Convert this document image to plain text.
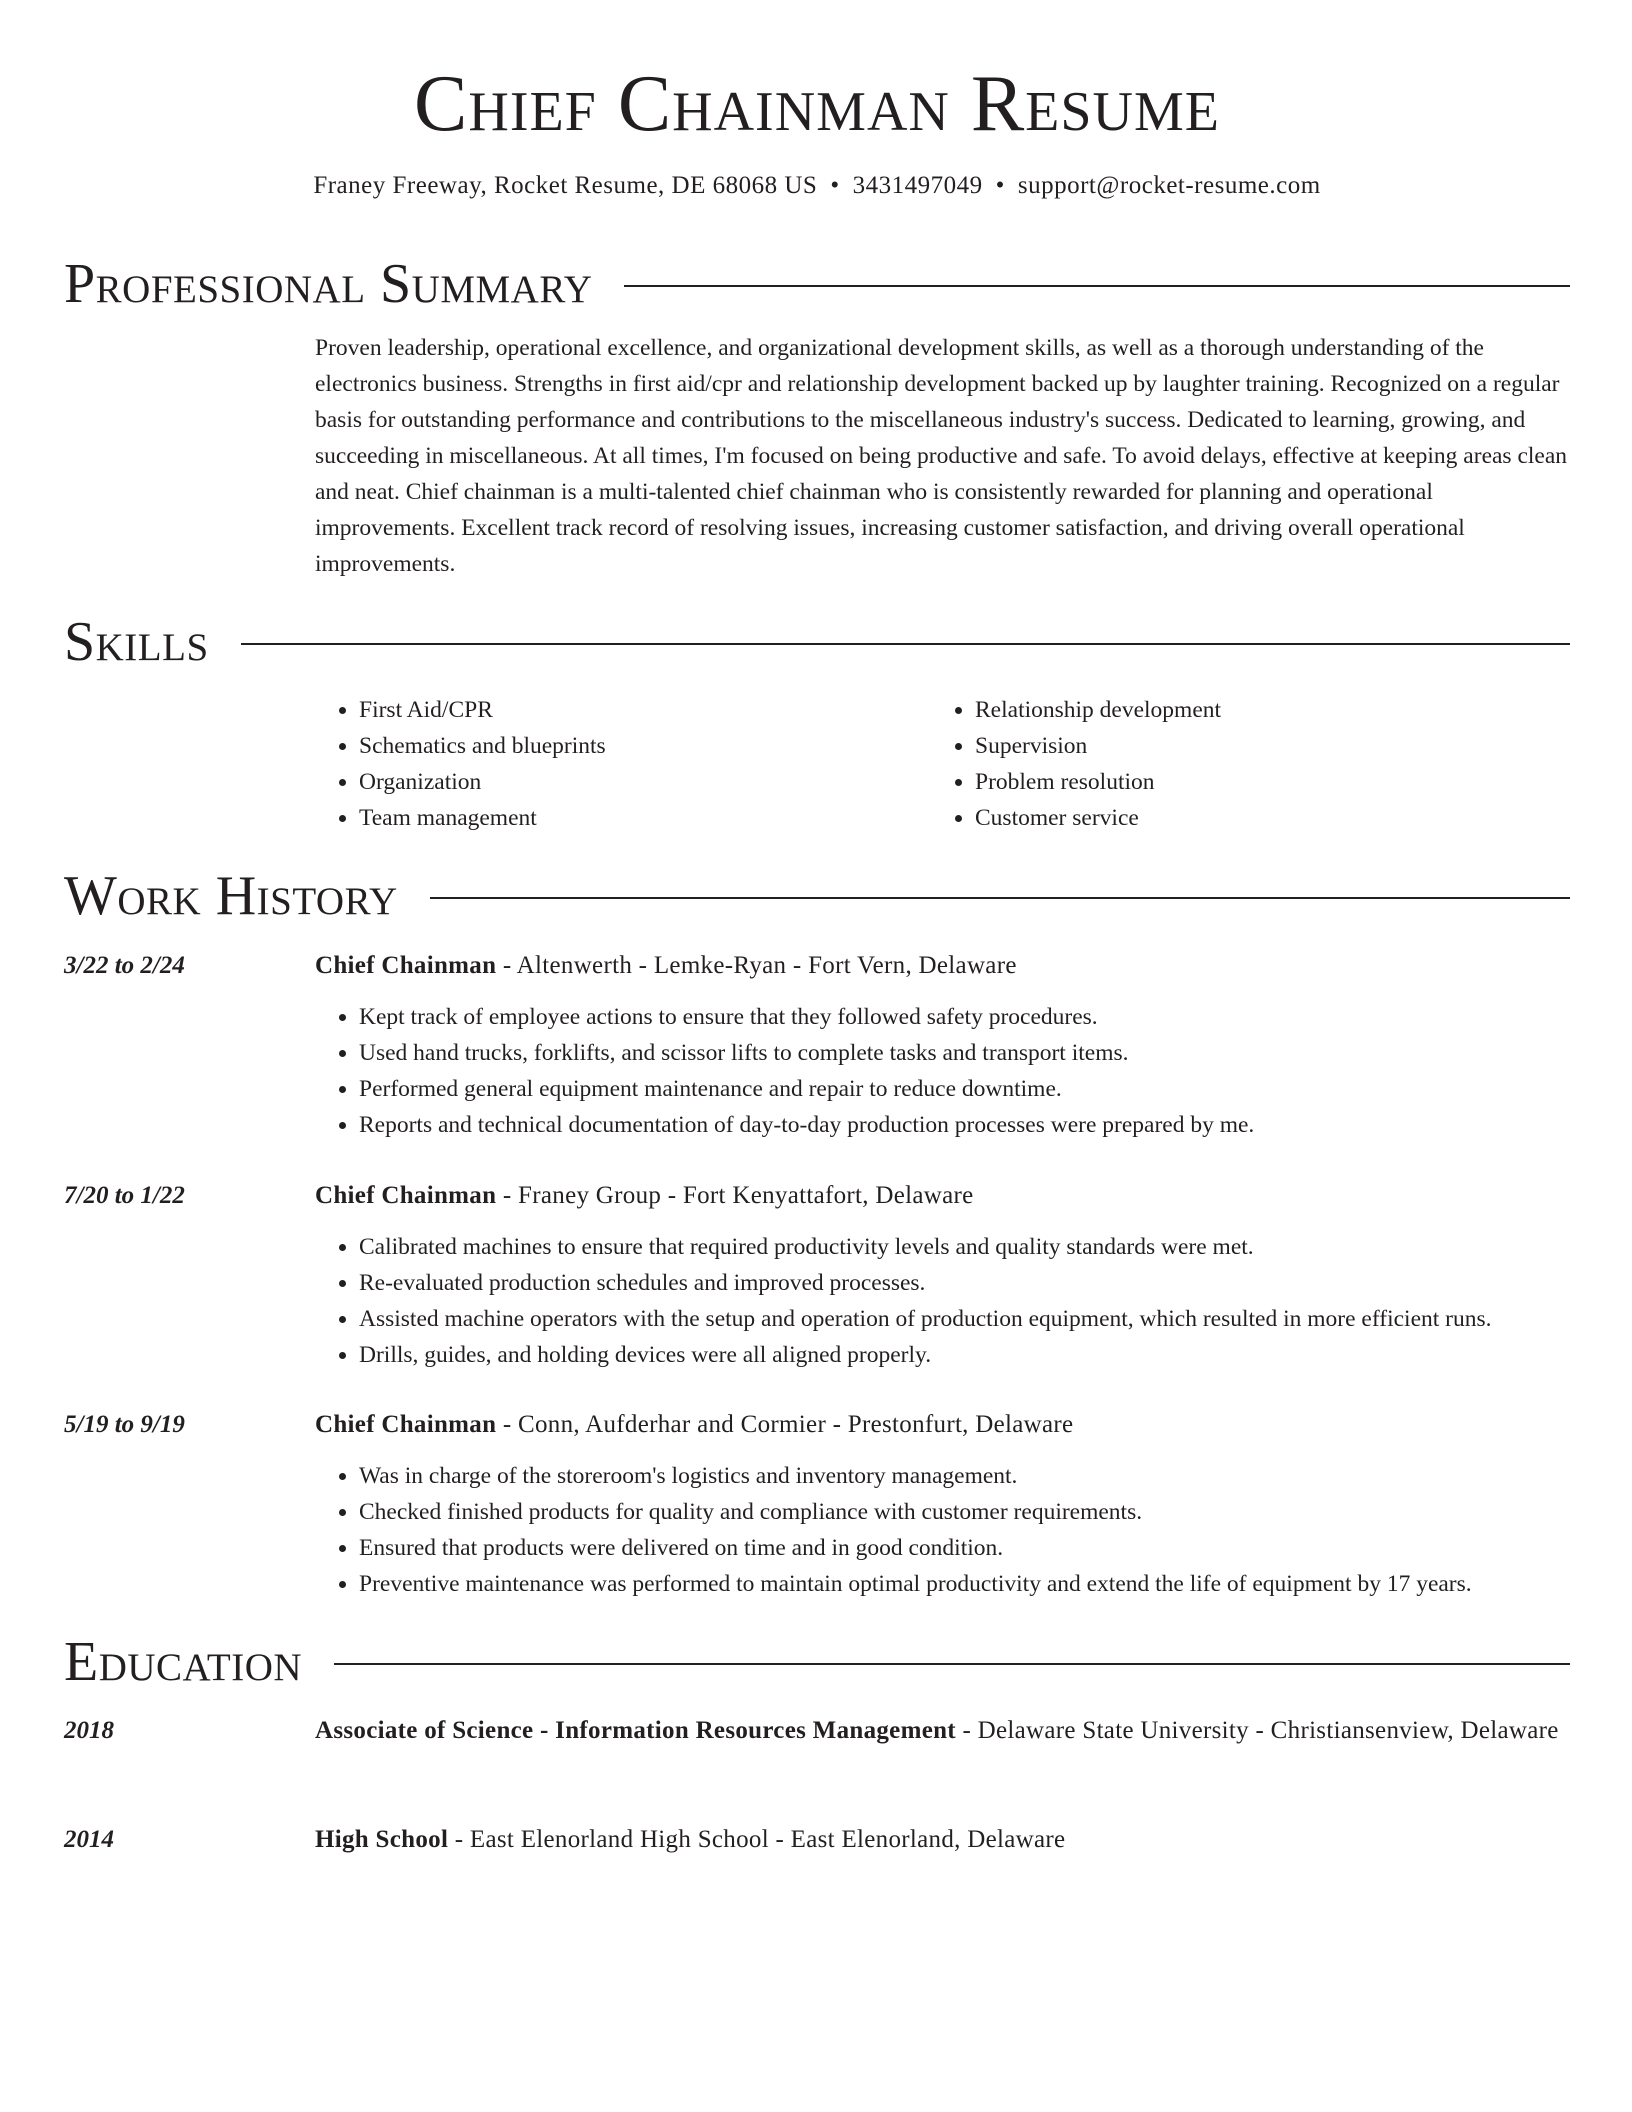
Chief Chainman Resume
Franey Freeway, Rocket Resume, DE 68068 US • 3431497049 • support@rocket-resume.com
Professional Summary
Proven leadership, operational excellence, and organizational development skills, as well as a thorough understanding of the electronics business. Strengths in first aid/cpr and relationship development backed up by laughter training. Recognized on a regular basis for outstanding performance and contributions to the miscellaneous industry's success. Dedicated to learning, growing, and succeeding in miscellaneous. At all times, I'm focused on being productive and safe. To avoid delays, effective at keeping areas clean and neat. Chief chainman is a multi-talented chief chainman who is consistently rewarded for planning and operational improvements. Excellent track record of resolving issues, increasing customer satisfaction, and driving overall operational improvements.
Skills
• First Aid/CPR
• Schematics and blueprints
• Organization
• Team management
• Relationship development
• Supervision
• Problem resolution
• Customer service
Work History
3/22 to 2/24	Chief Chainman - Altenwerth - Lemke-Ryan - Fort Vern, Delaware
• Kept track of employee actions to ensure that they followed safety procedures.
• Used hand trucks, forklifts, and scissor lifts to complete tasks and transport items.
• Performed general equipment maintenance and repair to reduce downtime.
• Reports and technical documentation of day-to-day production processes were prepared by me.
7/20 to 1/22	Chief Chainman - Franey Group - Fort Kenyattafort, Delaware
• Calibrated machines to ensure that required productivity levels and quality standards were met.
• Re-evaluated production schedules and improved processes.
• Assisted machine operators with the setup and operation of production equipment, which resulted in more efficient runs.
• Drills, guides, and holding devices were all aligned properly.
5/19 to 9/19	Chief Chainman - Conn, Aufderhar and Cormier - Prestonfurt, Delaware
• Was in charge of the storeroom's logistics and inventory management.
• Checked finished products for quality and compliance with customer requirements.
• Ensured that products were delivered on time and in good condition.
• Preventive maintenance was performed to maintain optimal productivity and extend the life of equipment by 17 years.
Education
2018	Associate of Science - Information Resources Management - Delaware State University - Christiansenview, Delaware
2014	High School - East Elenorland High School - East Elenorland, Delaware
